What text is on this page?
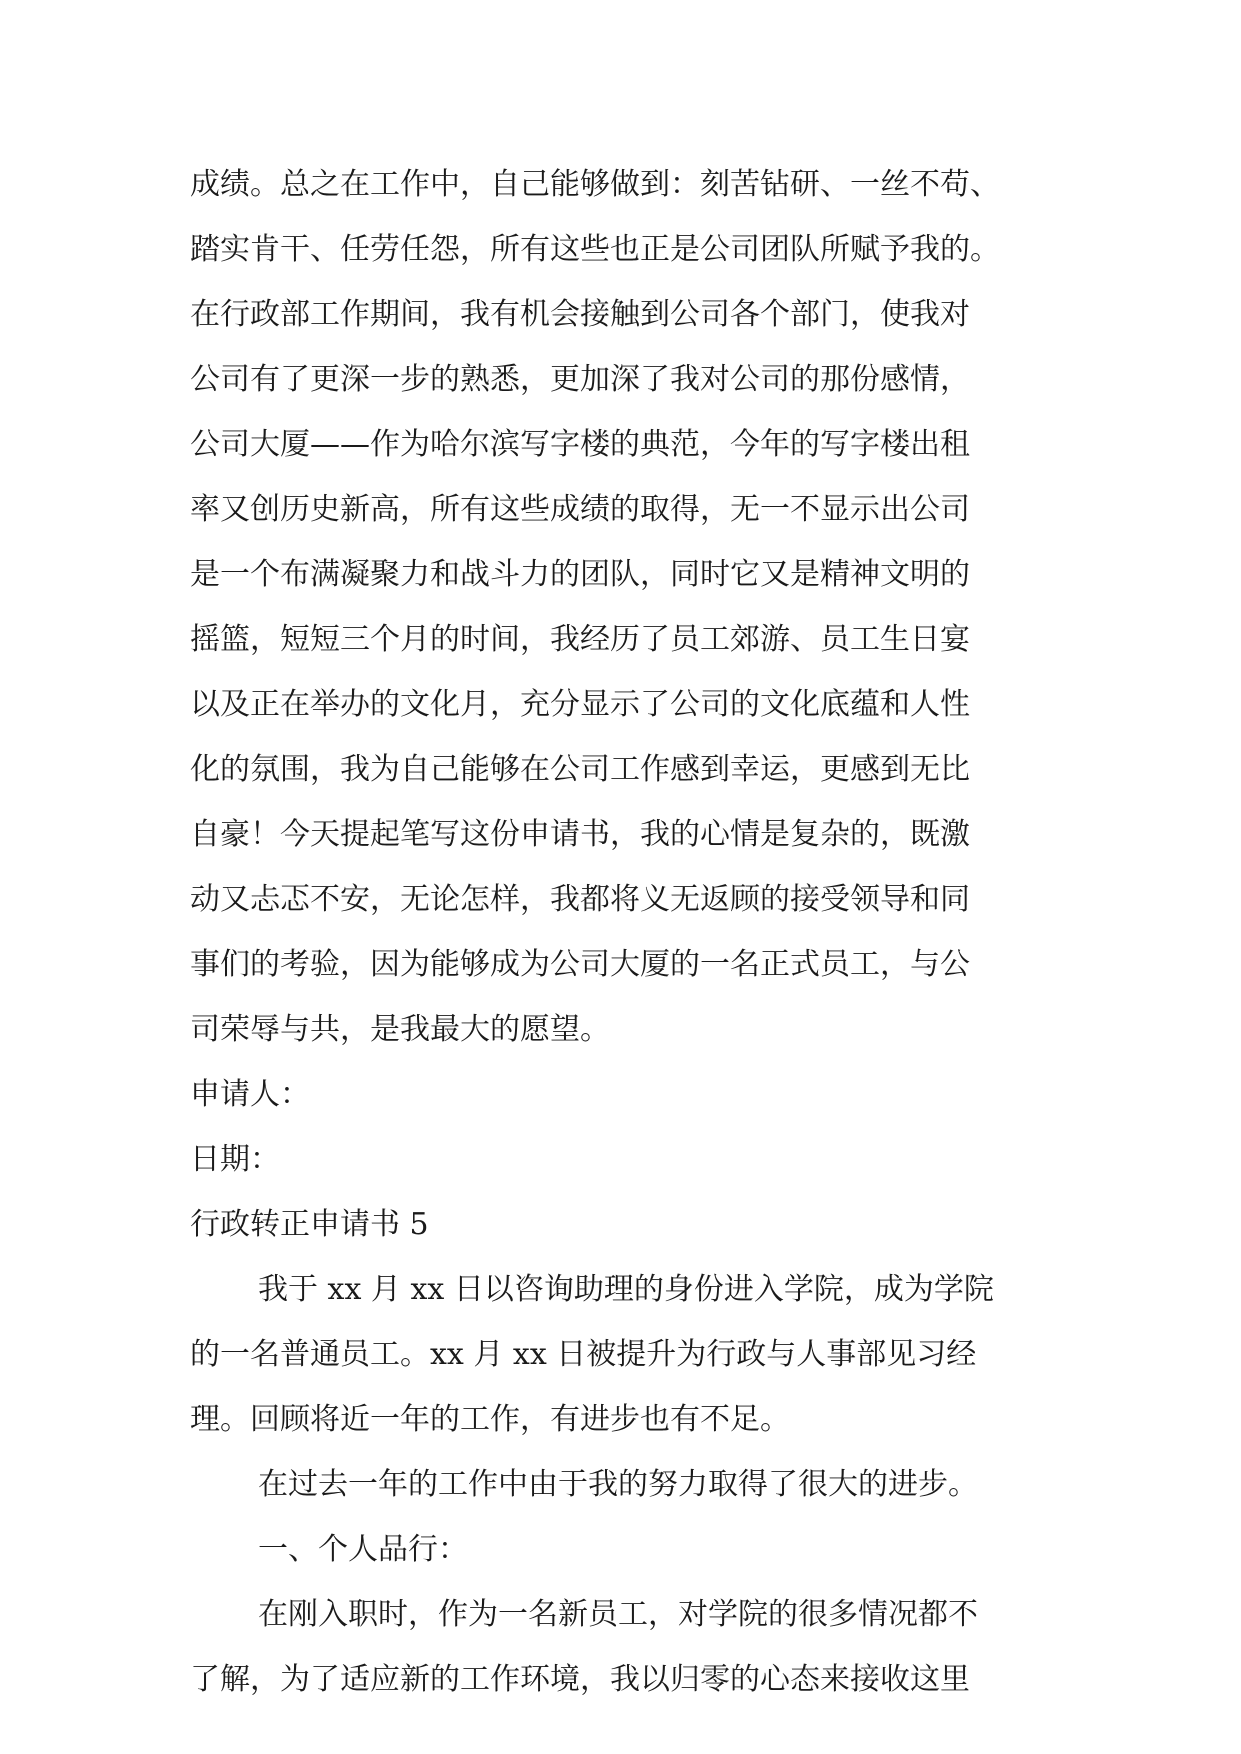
成绩。总之在工作中，自己能够做到：刻苦钻研、一丝不苟、
踏实肯干、任劳任怨，所有这些也正是公司团队所赋予我的。
在行政部工作期间，我有机会接触到公司各个部门，使我对
公司有了更深一步的熟悉，更加深了我对公司的那份感情，
公司大厦——作为哈尔滨写字楼的典范，今年的写字楼出租
率又创历史新高，所有这些成绩的取得，无一不显示出公司
是一个布满凝聚力和战斗力的团队，同时它又是精神文明的
摇篮，短短三个月的时间，我经历了员工郊游、员工生日宴
以及正在举办的文化月，充分显示了公司的文化底蕴和人性
化的氛围，我为自己能够在公司工作感到幸运，更感到无比
自豪！今天提起笔写这份申请书，我的心情是复杂的，既激
动又忐忑不安，无论怎样，我都将义无返顾的接受领导和同
事们的考验，因为能够成为公司大厦的一名正式员工，与公
司荣辱与共，是我最大的愿望。
申请人：
日期：
行政转正申请书 5
我于 xx 月 xx 日以咨询助理的身份进入学院，成为学院
的一名普通员工。xx 月 xx 日被提升为行政与人事部见习经
理。回顾将近一年的工作，有进步也有不足。
在过去一年的工作中由于我的努力取得了很大的进步。
一、个人品行：
在刚入职时，作为一名新员工，对学院的很多情况都不
了解，为了适应新的工作环境，我以归零的心态来接收这里
